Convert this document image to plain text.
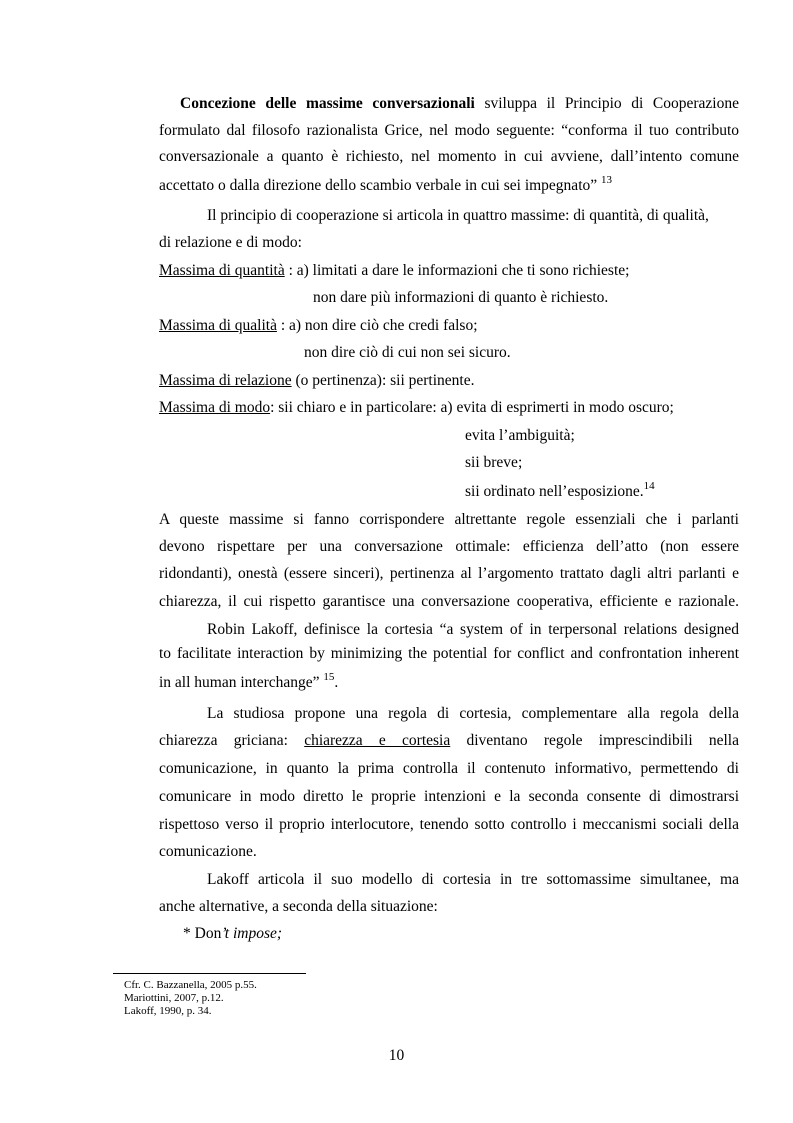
Concezione delle massime conversazionali sviluppa il Principio di Cooperazione
formulato dal filosofo razionalista Grice, nel modo seguente: “conforma il tuo contributo
conversazionale a quanto è richiesto, nel momento in cui avviene, dall’intento comune
accettato o dalla direzione dello scambio verbale in cui sei impegnato” $^{13}$
Il principio di cooperazione si articola in quattro massime: di quantità, di qualità,
di relazione e di modo:
Massima di quantità : a) limitati a dare le informazioni che ti sono richieste;
non dare più informazioni di quanto è richiesto.
Massima di qualità : a) non dire ciò che credi falso;
non dire ciò di cui non sei sicuro.
Massima di relazione (o pertinenza): sii pertinente.
Massima di modo: sii chiaro e in particolare: a) evita di esprimerti in modo oscuro;
evita l’ambiguità;
sii breve;
sii ordinato nell’esposizione.$^{14}$
A queste massime si fanno corrispondere altrettante regole essenziali che i parlanti
devono rispettare per una conversazione ottimale: efficienza dell’atto (non essere
ridondanti), onestà (essere sinceri), pertinenza al l’argomento trattato dagli altri parlanti e
chiarezza, il cui rispetto garantisce una conversazione cooperativa, efficiente e razionale.
Robin Lakoff, definisce la cortesia “a system of in terpersonal relations designed
to facilitate interaction by minimizing the potential for conflict and confrontation inherent
in all human interchange” $^{15}$.
La studiosa propone una regola di cortesia, complementare alla regola della
chiarezza griciana: chiarezza e cortesia diventano regole imprescindibili nella
comunicazione, in quanto la prima controlla il contenuto informativo, permettendo di
comunicare in modo diretto le proprie intenzioni e la seconda consente di dimostrarsi
rispettoso verso il proprio interlocutore, tenendo sotto controllo i meccanismi sociali della
comunicazione.
Lakoff articola il suo modello di cortesia in tre sottomassime simultanee, ma
anche alternative, a seconda della situazione:
* Don’t impose;
Cfr. C. Bazzanella, 2005 p.55.
Mariottini, 2007, p.12.
Lakoff, 1990, p. 34.
10
